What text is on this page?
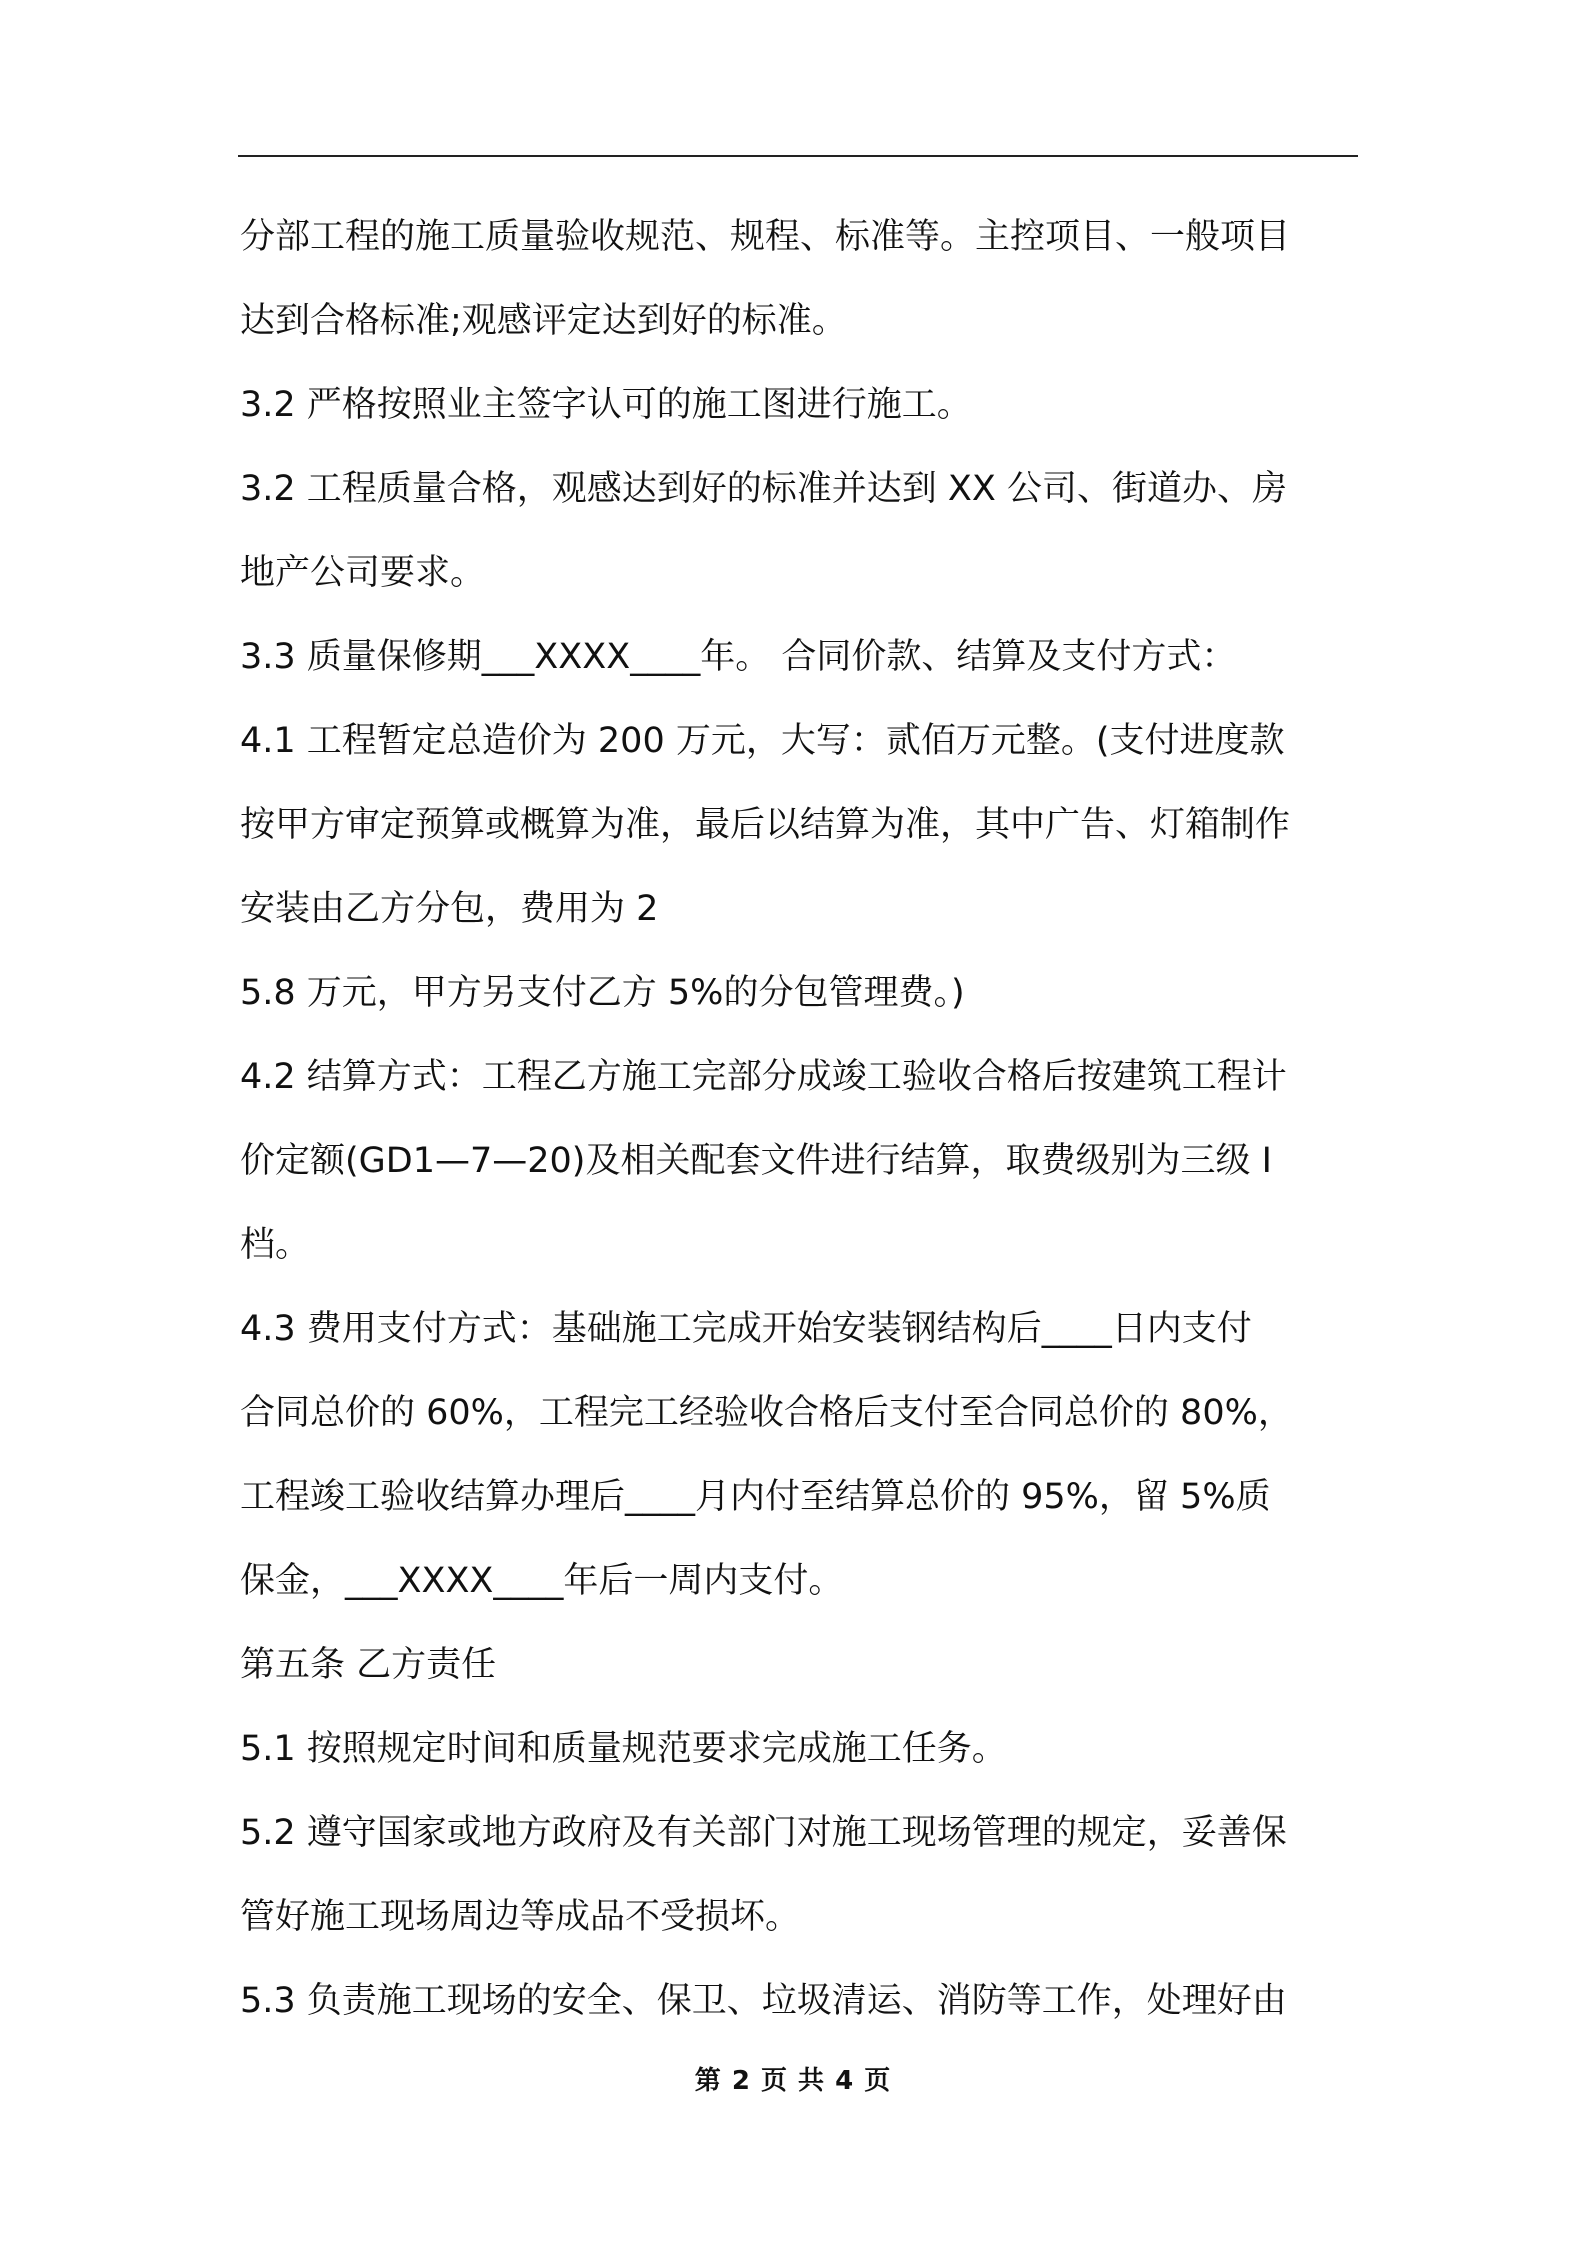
分部工程的施工质量验收规范、规程、标准等。主控项目、一般项目
达到合格标准;观感评定达到好的标准。
3.2 严格按照业主签字认可的施工图进行施工。
3.2 工程质量合格，观感达到好的标准并达到 XX 公司、街道办、房
地产公司要求。
3.3 质量保修期___XXXX____年。 合同价款、结算及支付方式：
4.1 工程暂定总造价为 200 万元，大写：贰佰万元整。(支付进度款
按甲方审定预算或概算为准，最后以结算为准，其中广告、灯箱制作
安装由乙方分包，费用为 2
5.8 万元，甲方另支付乙方 5%的分包管理费。)
4.2 结算方式：工程乙方施工完部分成竣工验收合格后按建筑工程计
价定额(GD1—7—20)及相关配套文件进行结算，取费级别为三级 I
档。
4.3 费用支付方式：基础施工完成开始安装钢结构后____日内支付
合同总价的 60%，工程完工经验收合格后支付至合同总价的 80%，
工程竣工验收结算办理后____月内付至结算总价的 95%，留 5%质
保金，___XXXX____年后一周内支付。
第五条 乙方责任
5.1 按照规定时间和质量规范要求完成施工任务。
5.2 遵守国家或地方政府及有关部门对施工现场管理的规定，妥善保
管好施工现场周边等成品不受损坏。
5.3 负责施工现场的安全、保卫、垃圾清运、消防等工作，处理好由
第 2 页 共 4 页
